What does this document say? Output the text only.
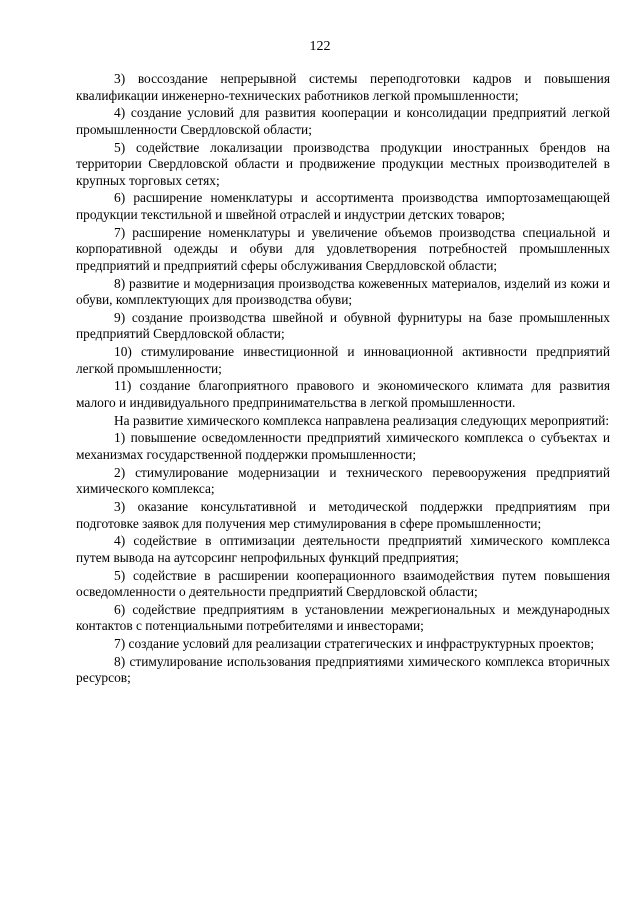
122

3) воссоздание непрерывной системы переподготовки кадров и повышения квалификации инженерно-технических работников легкой промышленности;

4) создание условий для развития кооперации и консолидации предприятий легкой промышленности Свердловской области;

5) содействие локализации производства продукции иностранных брендов на территории Свердловской области и продвижение продукции местных производителей в крупных торговых сетях;

6) расширение номенклатуры и ассортимента производства импортозамещающей продукции текстильной и швейной отраслей и индустрии детских товаров;

7) расширение номенклатуры и увеличение объемов производства специальной и корпоративной одежды и обуви для удовлетворения потребностей промышленных предприятий и предприятий сферы обслуживания Свердловской области;

8) развитие и модернизация производства кожевенных материалов, изделий из кожи и обуви, комплектующих для производства обуви;

9) создание производства швейной и обувной фурнитуры на базе промышленных предприятий Свердловской области;

10) стимулирование инвестиционной и инновационной активности предприятий легкой промышленности;

11) создание благоприятного правового и экономического климата для развития малого и индивидуального предпринимательства в легкой промышленности.

На развитие химического комплекса направлена реализация следующих мероприятий:

1) повышение осведомленности предприятий химического комплекса о субъектах и механизмах государственной поддержки промышленности;

2) стимулирование модернизации и технического перевооружения предприятий химического комплекса;

3) оказание консультативной и методической поддержки предприятиям при подготовке заявок для получения мер стимулирования в сфере промышленности;

4) содействие в оптимизации деятельности предприятий химического комплекса путем вывода на аутсорсинг непрофильных функций предприятия;

5) содействие в расширении кооперационного взаимодействия путем повышения осведомленности о деятельности предприятий Свердловской области;

6) содействие предприятиям в установлении межрегиональных и международных контактов с потенциальными потребителями и инвесторами;

7) создание условий для реализации стратегических и инфраструктурных проектов;

8) стимулирование использования предприятиями химического комплекса вторичных ресурсов;
